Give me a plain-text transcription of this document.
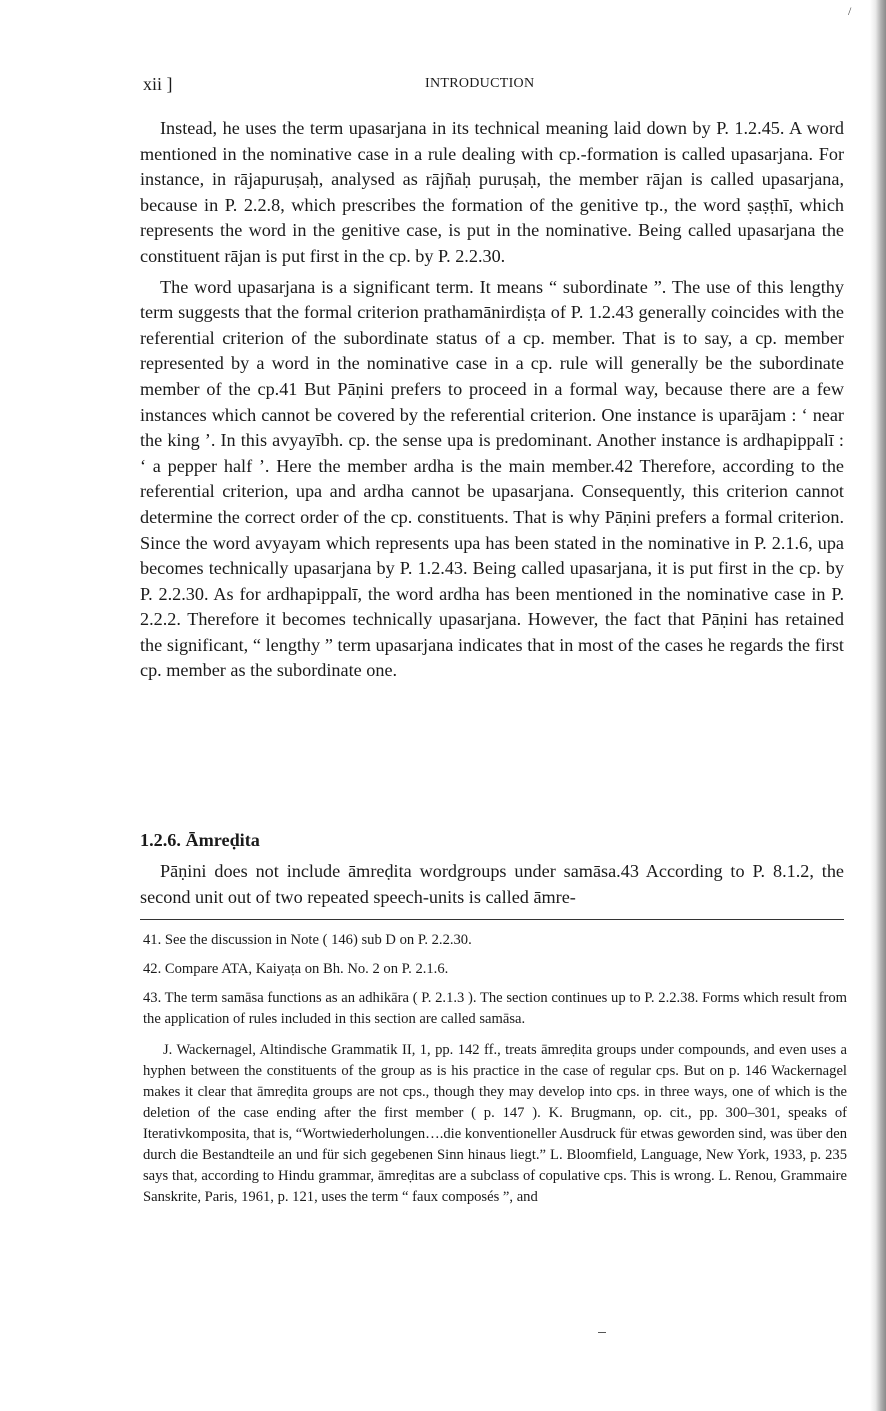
/
xii ]	INTRODUCTION

Instead, he uses the term upasarjana in its technical meaning laid down by P. 1.2.45. A word mentioned in the nominative case in a rule dealing with cp.-formation is called upasarjana. For instance, in rājapuruṣaḥ, analysed as rājñaḥ puruṣaḥ, the member rājan is called upasarjana, because in P. 2.2.8, which prescribes the formation of the genitive tp., the word ṣaṣṭhī, which represents the word in the genitive case, is put in the nominative. Being called upasarjana the constituent rājan is put first in the cp. by P. 2.2.30.

The word upasarjana is a significant term. It means “ subordinate ”. The use of this lengthy term suggests that the formal criterion prathamānirdiṣṭa of P. 1.2.43 generally coincides with the referential criterion of the subordinate status of a cp. member. That is to say, a cp. member represented by a word in the nominative case in a cp. rule will generally be the subordinate member of the cp.41 But Pāṇini prefers to proceed in a formal way, because there are a few instances which cannot be covered by the referential criterion. One instance is uparājam : ‘ near the king ’. In this avyayībh. cp. the sense upa is predominant. Another instance is ardhapippalī : ‘ a pepper half ’. Here the member ardha is the main member.42 Therefore, according to the referential criterion, upa and ardha cannot be upasarjana. Consequently, this criterion cannot determine the correct order of the cp. constituents. That is why Pāṇini prefers a formal criterion. Since the word avyayam which represents upa has been stated in the nominative in P. 2.1.6, upa becomes technically upasarjana by P. 1.2.43. Being called upasarjana, it is put first in the cp. by P. 2.2.30. As for ardhapippalī, the word ardha has been mentioned in the nominative case in P. 2.2.2. Therefore it becomes technically upasarjana. However, the fact that Pāṇini has retained the significant, “ lengthy ” term upasarjana indicates that in most of the cases he regards the first cp. member as the subordinate one.

1.2.6. Āmreḍita

Pāṇini does not include āmreḍita wordgroups under samāsa.43 According to P. 8.1.2, the second unit out of two repeated speech-units is called āmre-

41. See the discussion in Note ( 146) sub D on P. 2.2.30.

42. Compare ATA, Kaiyaṭa on Bh. No. 2 on P. 2.1.6.

43. The term samāsa functions as an adhikāra ( P. 2.1.3 ). The section continues up to P. 2.2.38. Forms which result from the application of rules included in this section are called samāsa.

J. Wackernagel, Altindische Grammatik II, 1, pp. 142 ff., treats āmreḍita groups under compounds, and even uses a hyphen between the constituents of the group as is his practice in the case of regular cps. But on p. 146 Wackernagel makes it clear that āmreḍita groups are not cps., though they may develop into cps. in three ways, one of which is the deletion of the case ending after the first member ( p. 147 ). K. Brugmann, op. cit., pp. 300–301, speaks of Iterativkomposita, that is, “Wortwiederholungen….die konventioneller Ausdruck für etwas geworden sind, was über den durch die Bestandteile an und für sich gegebenen Sinn hinaus liegt.” L. Bloomfield, Language, New York, 1933, p. 235 says that, according to Hindu grammar, āmreḍitas are a subclass of copulative cps. This is wrong. L. Renou, Grammaire Sanskrite, Paris, 1961, p. 121, uses the term “ faux composés ”, and
